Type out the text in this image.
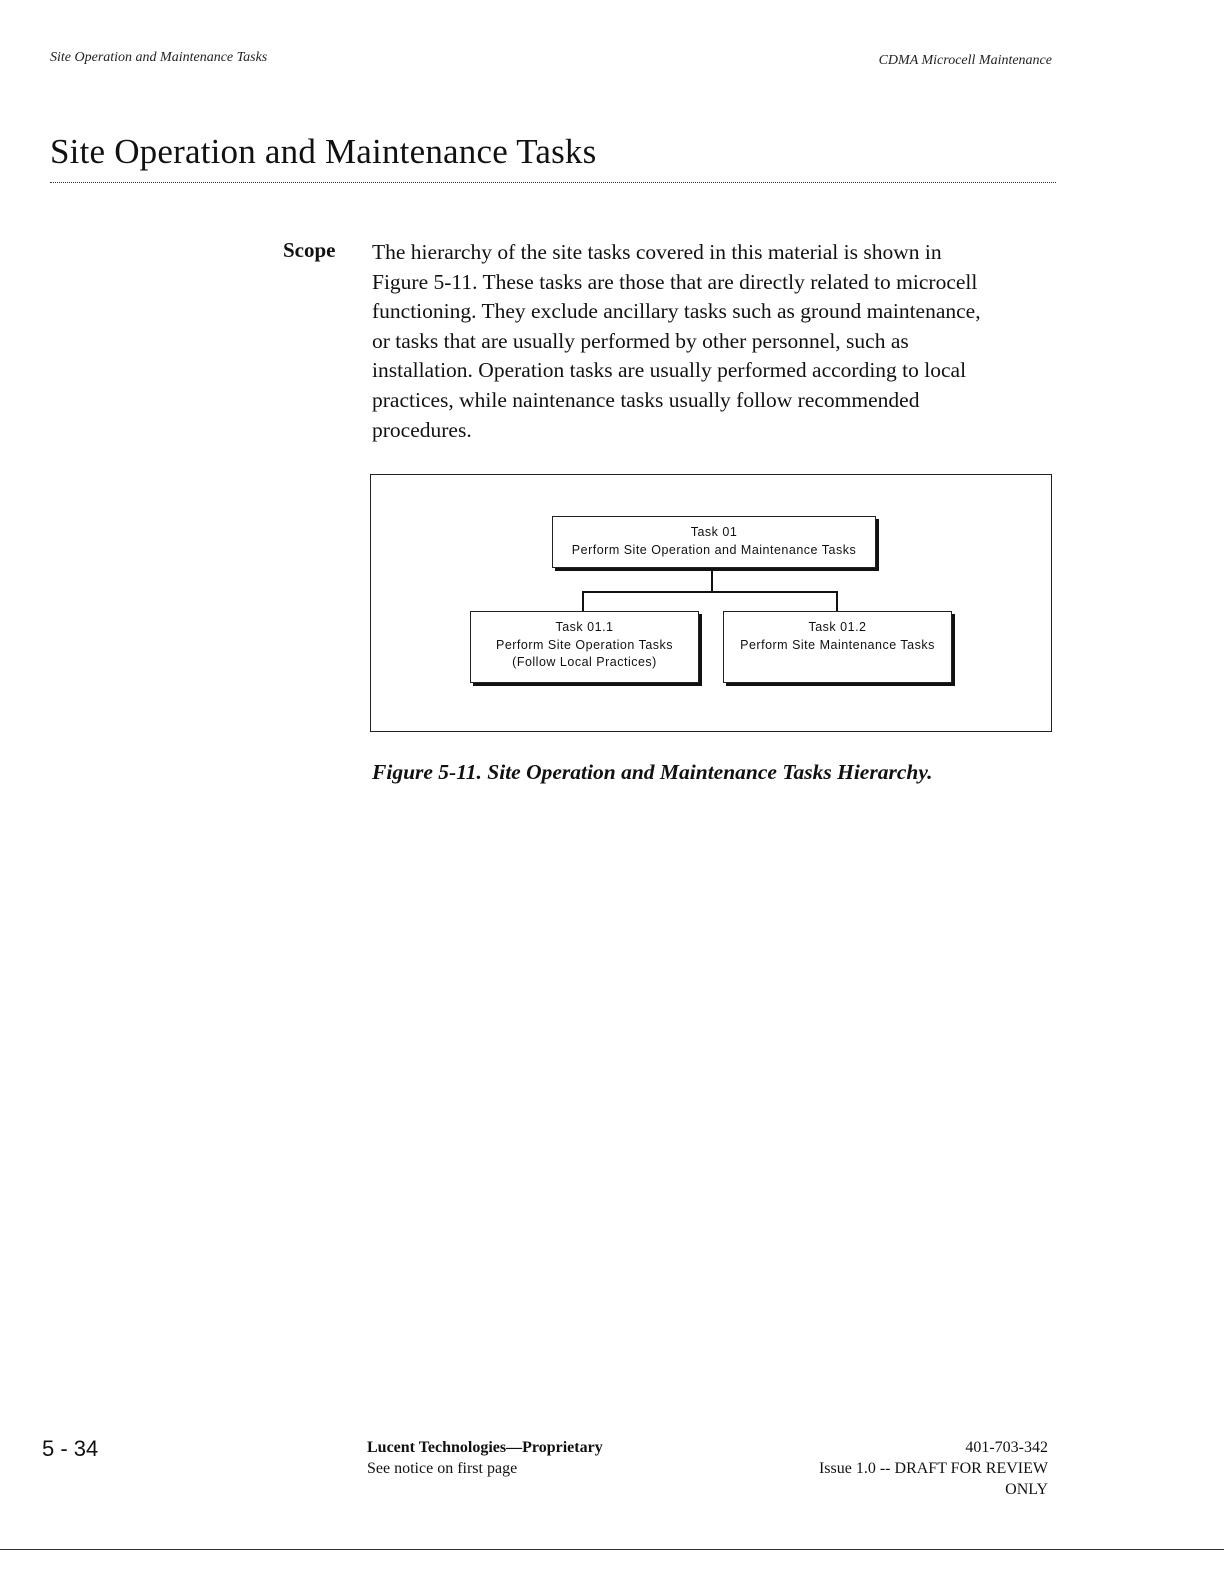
Site Operation and Maintenance Tasks	CDMA Microcell Maintenance
Site Operation and Maintenance Tasks
Scope The hierarchy of the site tasks covered in this material is shown in
Figure 5-11. These tasks are those that are directly related to microcell
functioning. They exclude ancillary tasks such as ground maintenance,
or tasks that are usually performed by other personnel, such as
installation. Operation tasks are usually performed according to local
practices, while naintenance tasks usually follow recommended
procedures.

Task 01
Perform Site Operation and Maintenance Tasks
Task 01.1
Perform Site Operation Tasks
(Follow Local Practices)
Task 01.2
Perform Site Maintenance Tasks
Figure 5-11. Site Operation and Maintenance Tasks Hierarchy.
5 - 34	Lucent Technologies—Proprietary
See notice on first page
401-703-342
Issue 1.0 -- DRAFT FOR REVIEW
ONLY
